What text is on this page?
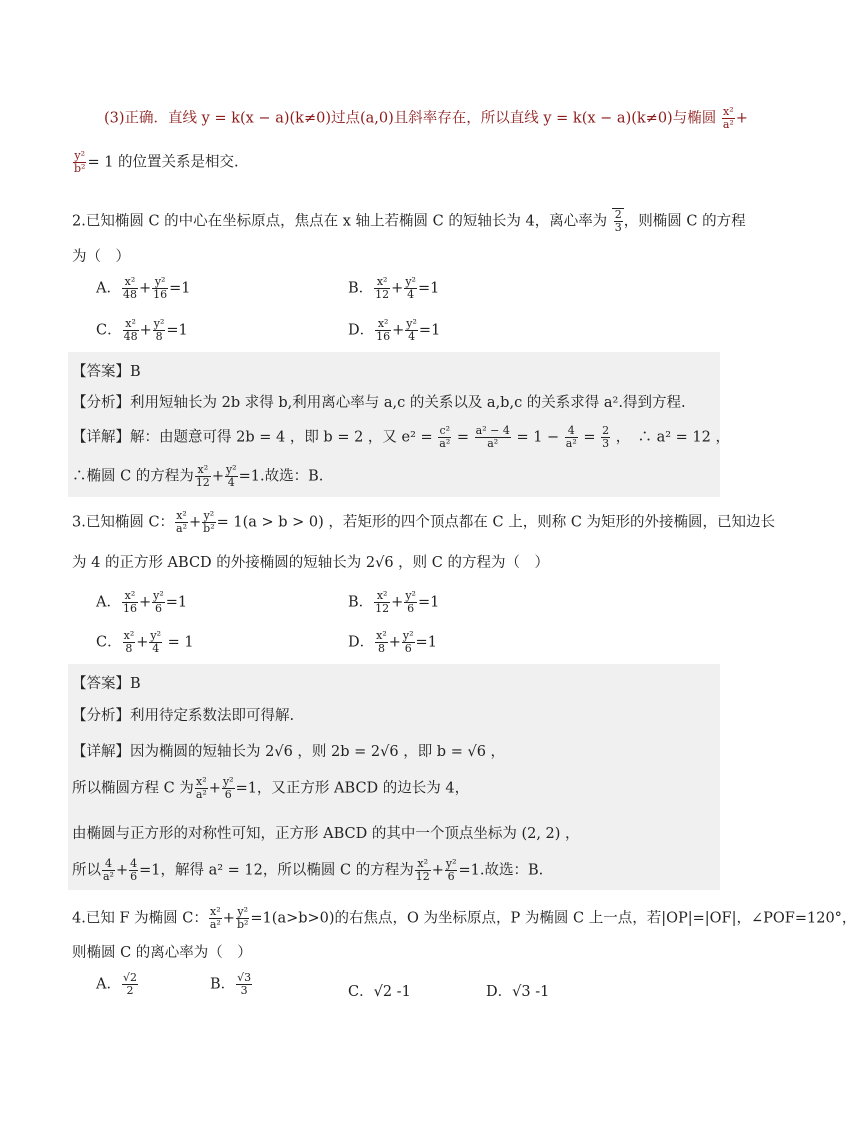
(3)正确．直线 y = k(x − a)(k≠0)过点(a,0)且斜率存在，所以直线 y = k(x − a)(k≠0)与椭圆 $\frac{\text{x²}}{\text{a²}}$ +
$\frac{\text{y²}}{\text{b²}} = 1$ 的位置关系是相交.
2.已知椭圆 C 的中心在坐标原点，焦点在 x 轴上若椭圆 C 的短轴长为 4，离心率为 $\frac{2}{3}$ ，则椭圆 C 的方程
为（　）
A． $\frac{\text{x²}}{48} + \frac{\text{y²}}{16} =1$	B． $\frac{\text{x²}}{12} + \frac{\text{y²}}{4} =1$
C． $\frac{\text{x²}}{48} + \frac{\text{y²}}{8} =1$	D． $\frac{\text{x²}}{16} + \frac{\text{y²}}{4} =1$
【答案】B
【分析】利用短轴长为 2b 求得 b,利用离心率与 a,c 的关系以及 a,b,c 的关系求得 a².得到方程.
【详解】解：由题意可得 2b = 4 ，即 b = 2 ，又 $e^2 = \frac{\text{c²}}{\text{a²}} = \frac{\text{a² − 4}}{\text{a²}} = 1 - \frac{4}{\text{a²}} = \frac{2}{3}$ ，　∴ a² = 12 ，
∴椭圆 C 的方程为 $\frac{\text{x²}}{12} + \frac{\text{y²}}{4} =1$.故选：B.
3.已知椭圆 C： $\frac{\text{x²}}{\text{a²}} + \frac{\text{y²}}{\text{b²}} = 1(a > b > 0)$ ，若矩形的四个顶点都在 C 上，则称 C 为矩形的外接椭圆，已知边长
为 4 的正方形 ABCD 的外接椭圆的短轴长为 2√6 ，则 C 的方程为（　）
A． $\frac{\text{x²}}{16} + \frac{\text{y²}}{6} =1$	B． $\frac{\text{x²}}{12} + \frac{\text{y²}}{6} =1$
C． $\frac{\text{x²}}{8} + \frac{\text{y²}}{4} = 1$	D． $\frac{\text{x²}}{8} + \frac{\text{y²}}{6} =1$
【答案】B
【分析】利用待定系数法即可得解.
【详解】因为椭圆的短轴长为 2√6 ，则 2b = 2√6 ，即 b = √6 ，
所以椭圆方程 C 为 $\frac{\text{x²}}{\text{a²}} + \frac{\text{y²}}{6} =1$，又正方形 ABCD 的边长为 4，
由椭圆与正方形的对称性可知，正方形 ABCD 的其中一个顶点坐标为 (2, 2) ，
所以 $\frac{4}{\text{a²}} + \frac{4}{6} =1$，解得 a² = 12，所以椭圆 C 的方程为 $\frac{\text{x²}}{12} + \frac{\text{y²}}{6} =1$.故选：B.
4.已知 F 为椭圆 C： $\frac{\text{x²}}{\text{a²}} + \frac{\text{y²}}{\text{b²}} =1(a>b>0)$的右焦点，O 为坐标原点，P 为椭圆 C 上一点，若|OP|=|OF|，∠POF=120°，
则椭圆 C 的离心率为（　）
A． $\frac{√2}{2}$	B． $\frac{√3}{3}$	C．√2 -1	D．√3 -1
